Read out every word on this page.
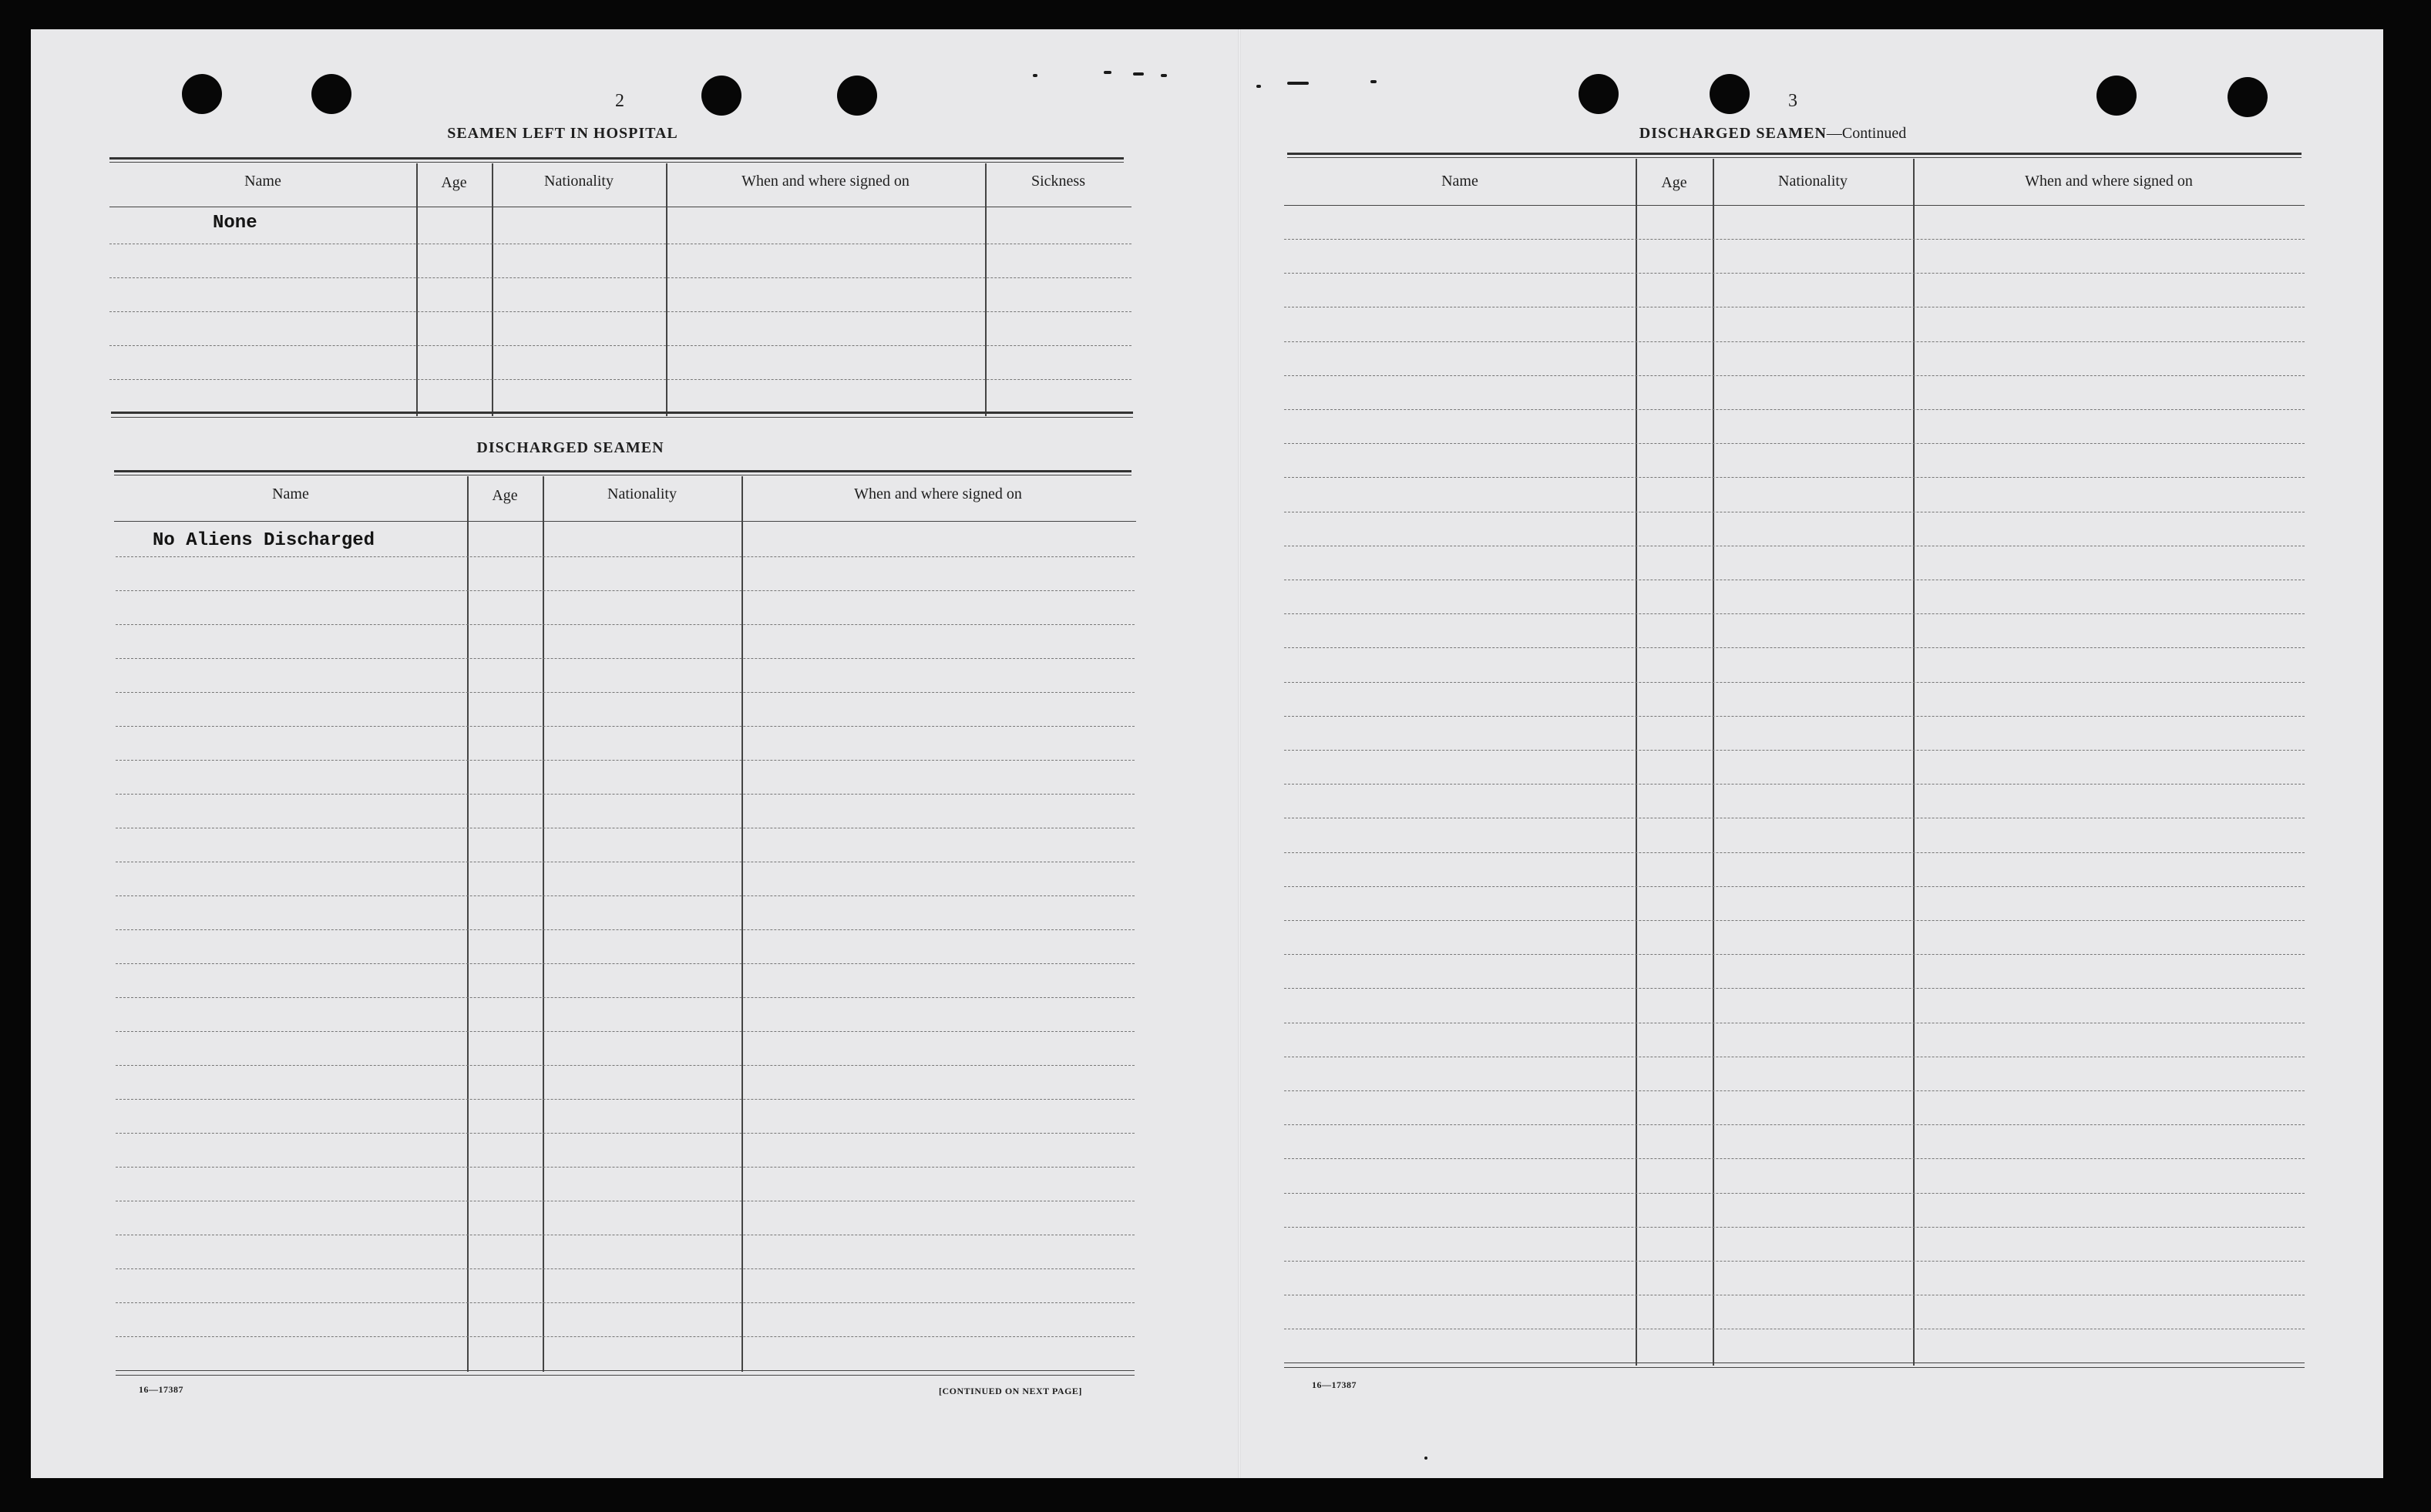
2
SEAMEN LEFT IN HOSPITAL
Name	Age	Nationality	When and where signed on	Sickness
None
DISCHARGED SEAMEN
Name	Age	Nationality	When and where signed on
No Aliens Discharged
16—17387	[CONTINUED ON NEXT PAGE]
3
DISCHARGED SEAMEN—Continued
Name	Age	Nationality	When and where signed on
16—17387
